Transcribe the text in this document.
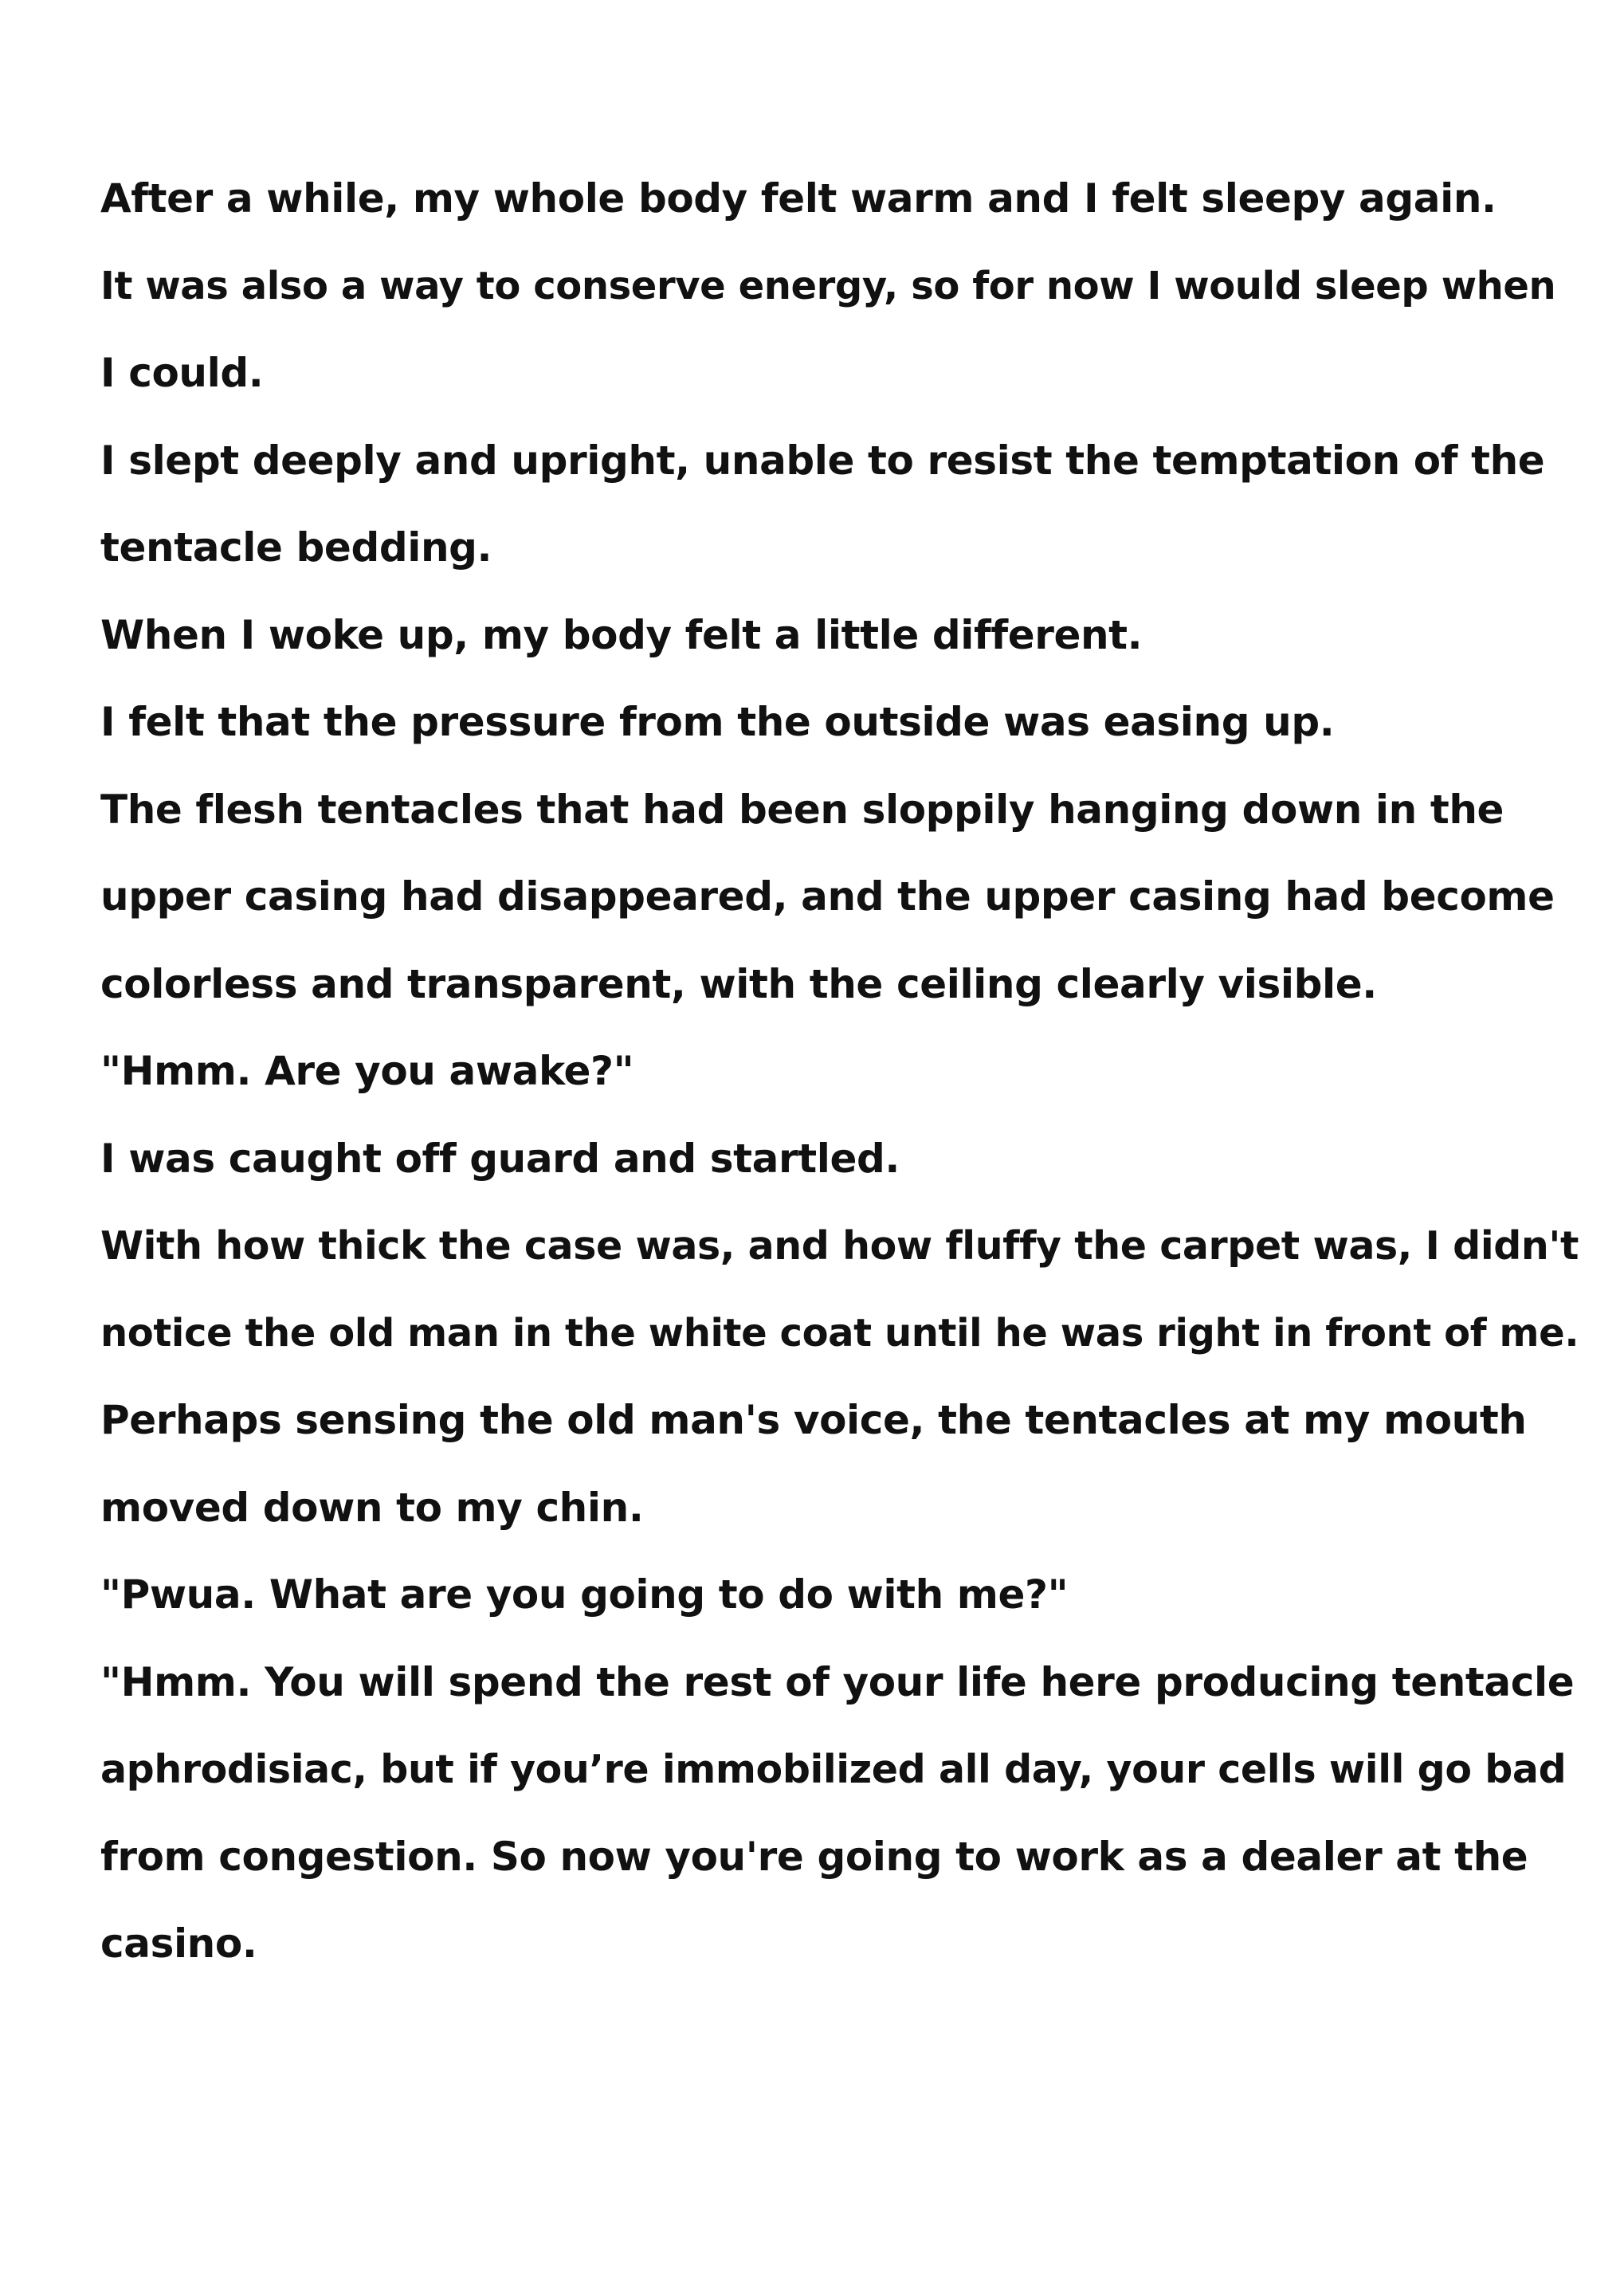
After a while, my whole body felt warm and I felt sleepy again.
It was also a way to conserve energy, so for now I would sleep when
I could.
I slept deeply and upright, unable to resist the temptation of the
tentacle bedding.
When I woke up, my body felt a little different.
I felt that the pressure from the outside was easing up.
The flesh tentacles that had been sloppily hanging down in the
upper casing had disappeared, and the upper casing had become
colorless and transparent, with the ceiling clearly visible.
"Hmm. Are you awake?"
I was caught off guard and startled.
With how thick the case was, and how fluffy the carpet was, I didn't
notice the old man in the white coat until he was right in front of me.
Perhaps sensing the old man's voice, the tentacles at my mouth
moved down to my chin.
"Pwua. What are you going to do with me?"
"Hmm. You will spend the rest of your life here producing tentacle
aphrodisiac, but if you’re immobilized all day, your cells will go bad
from congestion. So now you're going to work as a dealer at the
casino.
